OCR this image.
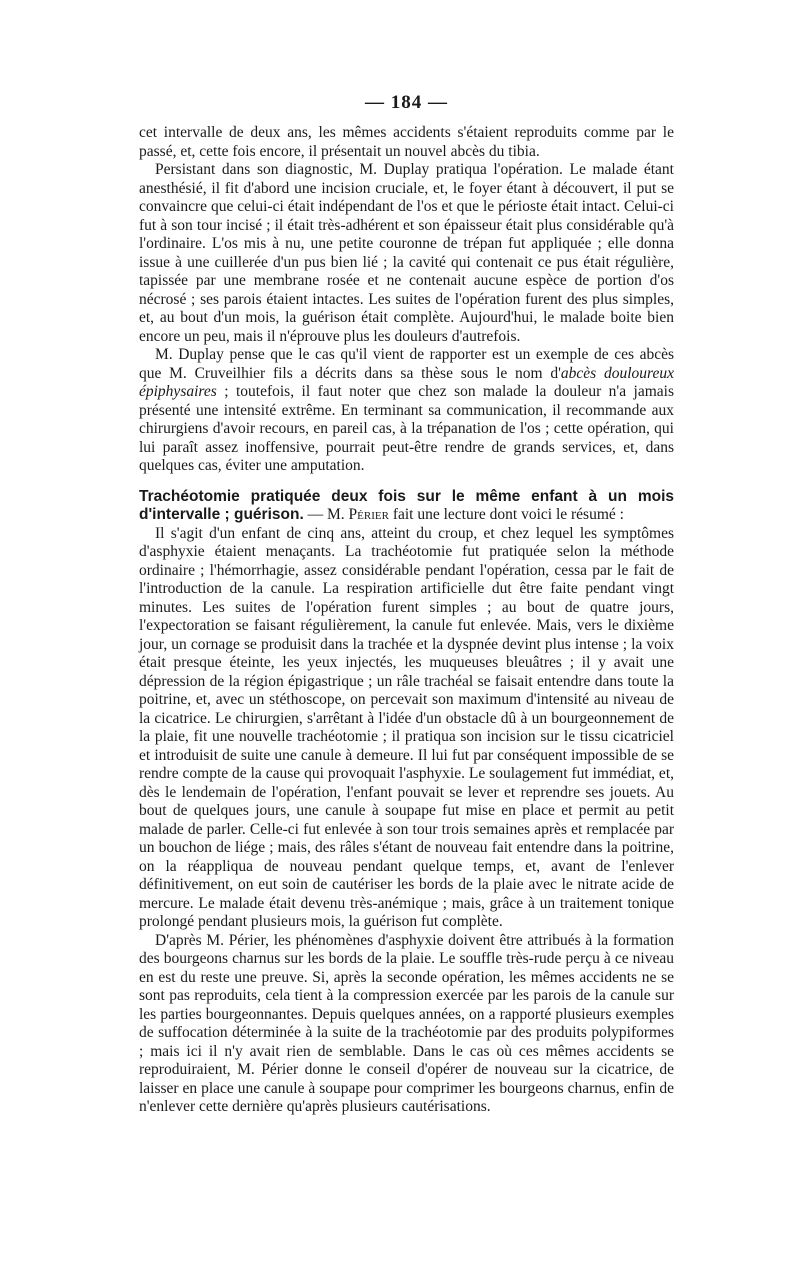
— 184 —

cet intervalle de deux ans, les mêmes accidents s'étaient reproduits comme par le passé, et, cette fois encore, il présentait un nouvel abcès du tibia.

Persistant dans son diagnostic, M. Duplay pratiqua l'opération. Le malade étant anesthésié, il fit d'abord une incision cruciale, et, le foyer étant à découvert, il put se convaincre que celui-ci était indépendant de l'os et que le périoste était intact. Celui-ci fut à son tour incisé ; il était très-adhérent et son épaisseur était plus considérable qu'à l'ordinaire. L'os mis à nu, une petite couronne de trépan fut appliquée ; elle donna issue à une cuillerée d'un pus bien lié ; la cavité qui contenait ce pus était régulière, tapissée par une membrane rosée et ne contenait aucune espèce de portion d'os nécrosé ; ses parois étaient intactes. Les suites de l'opération furent des plus simples, et, au bout d'un mois, la guérison était complète. Aujourd'hui, le malade boite bien encore un peu, mais il n'éprouve plus les douleurs d'autrefois.

M. Duplay pense que le cas qu'il vient de rapporter est un exemple de ces abcès que M. Cruveilhier fils a décrits dans sa thèse sous le nom d'abcès douloureux épiphysaires ; toutefois, il faut noter que chez son malade la douleur n'a jamais présenté une intensité extrême. En terminant sa communication, il recommande aux chirurgiens d'avoir recours, en pareil cas, à la trépanation de l'os ; cette opération, qui lui paraît assez inoffensive, pourrait peut-être rendre de grands services, et, dans quelques cas, éviter une amputation.

Trachéotomie pratiquée deux fois sur le même enfant à un mois d'intervalle ; guérison. — M. Périer fait une lecture dont voici le résumé :

Il s'agit d'un enfant de cinq ans, atteint du croup, et chez lequel les symptômes d'asphyxie étaient menaçants. La trachéotomie fut pratiquée selon la méthode ordinaire ; l'hémorrhagie, assez considérable pendant l'opération, cessa par le fait de l'introduction de la canule. La respiration artificielle dut être faite pendant vingt minutes. Les suites de l'opération furent simples ; au bout de quatre jours, l'expectoration se faisant régulièrement, la canule fut enlevée. Mais, vers le dixième jour, un cornage se produisit dans la trachée et la dyspnée devint plus intense ; la voix était presque éteinte, les yeux injectés, les muqueuses bleuâtres ; il y avait une dépression de la région épigastrique ; un râle trachéal se faisait entendre dans toute la poitrine, et, avec un stéthoscope, on percevait son maximum d'intensité au niveau de la cicatrice. Le chirurgien, s'arrêtant à l'idée d'un obstacle dû à un bourgeonnement de la plaie, fit une nouvelle trachéotomie ; il pratiqua son incision sur le tissu cicatriciel et introduisit de suite une canule à demeure. Il lui fut par conséquent impossible de se rendre compte de la cause qui provoquait l'asphyxie. Le soulagement fut immédiat, et, dès le lendemain de l'opération, l'enfant pouvait se lever et reprendre ses jouets. Au bout de quelques jours, une canule à soupape fut mise en place et permit au petit malade de parler. Celle-ci fut enlevée à son tour trois semaines après et remplacée par un bouchon de liége ; mais, des râles s'étant de nouveau fait entendre dans la poitrine, on la réappliqua de nouveau pendant quelque temps, et, avant de l'enlever définitivement, on eut soin de cautériser les bords de la plaie avec le nitrate acide de mercure. Le malade était devenu très-anémique ; mais, grâce à un traitement tonique prolongé pendant plusieurs mois, la guérison fut complète.

D'après M. Périer, les phénomènes d'asphyxie doivent être attribués à la formation des bourgeons charnus sur les bords de la plaie. Le souffle très-rude perçu à ce niveau en est du reste une preuve. Si, après la seconde opération, les mêmes accidents ne se sont pas reproduits, cela tient à la compression exercée par les parois de la canule sur les parties bourgeonnantes. Depuis quelques années, on a rapporté plusieurs exemples de suffocation déterminée à la suite de la trachéotomie par des produits polypiformes ; mais ici il n'y avait rien de semblable. Dans le cas où ces mêmes accidents se reproduiraient, M. Périer donne le conseil d'opérer de nouveau sur la cicatrice, de laisser en place une canule à soupape pour comprimer les bourgeons charnus, enfin de n'enlever cette dernière qu'après plusieurs cautérisations.
